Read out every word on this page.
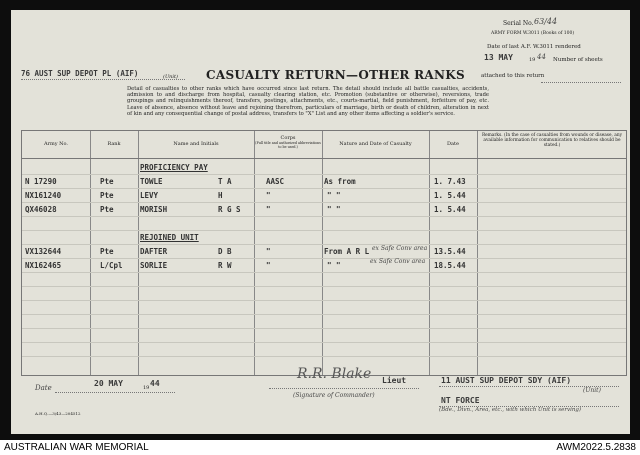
Serial No. 63/44
ARMY FORM W.3011 (Books of 100)
Date of last A.F. W.3011 rendered
13 MAY	19 44 Number of sheets
attached to this return
76 AUST SUP DEPOT PL (AIF)	(Unit) CASUALTY RETURN—OTHER RANKS
Detail of casualties to other ranks which have occurred since last return. The detail should include all battle casualties, accidents, admission to and discharge from hospital, casualty clearing station, etc. Promotion (substantive or otherwise), reversions, trade groupings and relinquishments thereof, transfers, postings, attachments, etc., courts-martial, field punishment, forfeiture of pay, etc. Leave of absence, absence without leave and rejoining therefrom, particulars of marriage, birth or death of children, alteration in next of kin and any consequential change of postal address, transfers to "X" List and any other items affecting a soldier's service.
Army No.	Rank	Name and Initials
Corps
(Full title and authorized abbreviations to be used.)	Nature and Date of Casualty	Date
Remarks. (In the case of casualties from wounds or disease, any available information for communication to relatives should be stated.)
PROFICIENCY PAY
N 17290	Pte	TOWLE	T A	AASC	As from	1. 7.43
NX161240	Pte	LEVY	H	"	" "	1. 5.44
QX46028	Pte	MORISH	R G S	"	" "	1. 5.44
REJOINED UNIT
VX132644	Pte	DAFTER	D B	"	From A R L ex Safe Conv area 13.5.44
NX162465	L/Cpl SORLIE	R W	"	" "	ex Safe Conv area 18.5.44
Date	20 MAY	19 44
R.R. Blake Lieut
(Signature of Commander)
11 AUST SUP DEPOT SDY (AIF)
(Unit)
NT FORCE
(Bde., Divn., Area, etc., with which Unit is serving)
A.H.Q.—3/43—204512
AUSTRALIAN WAR MEMORIAL	AWM2022.5.2838
